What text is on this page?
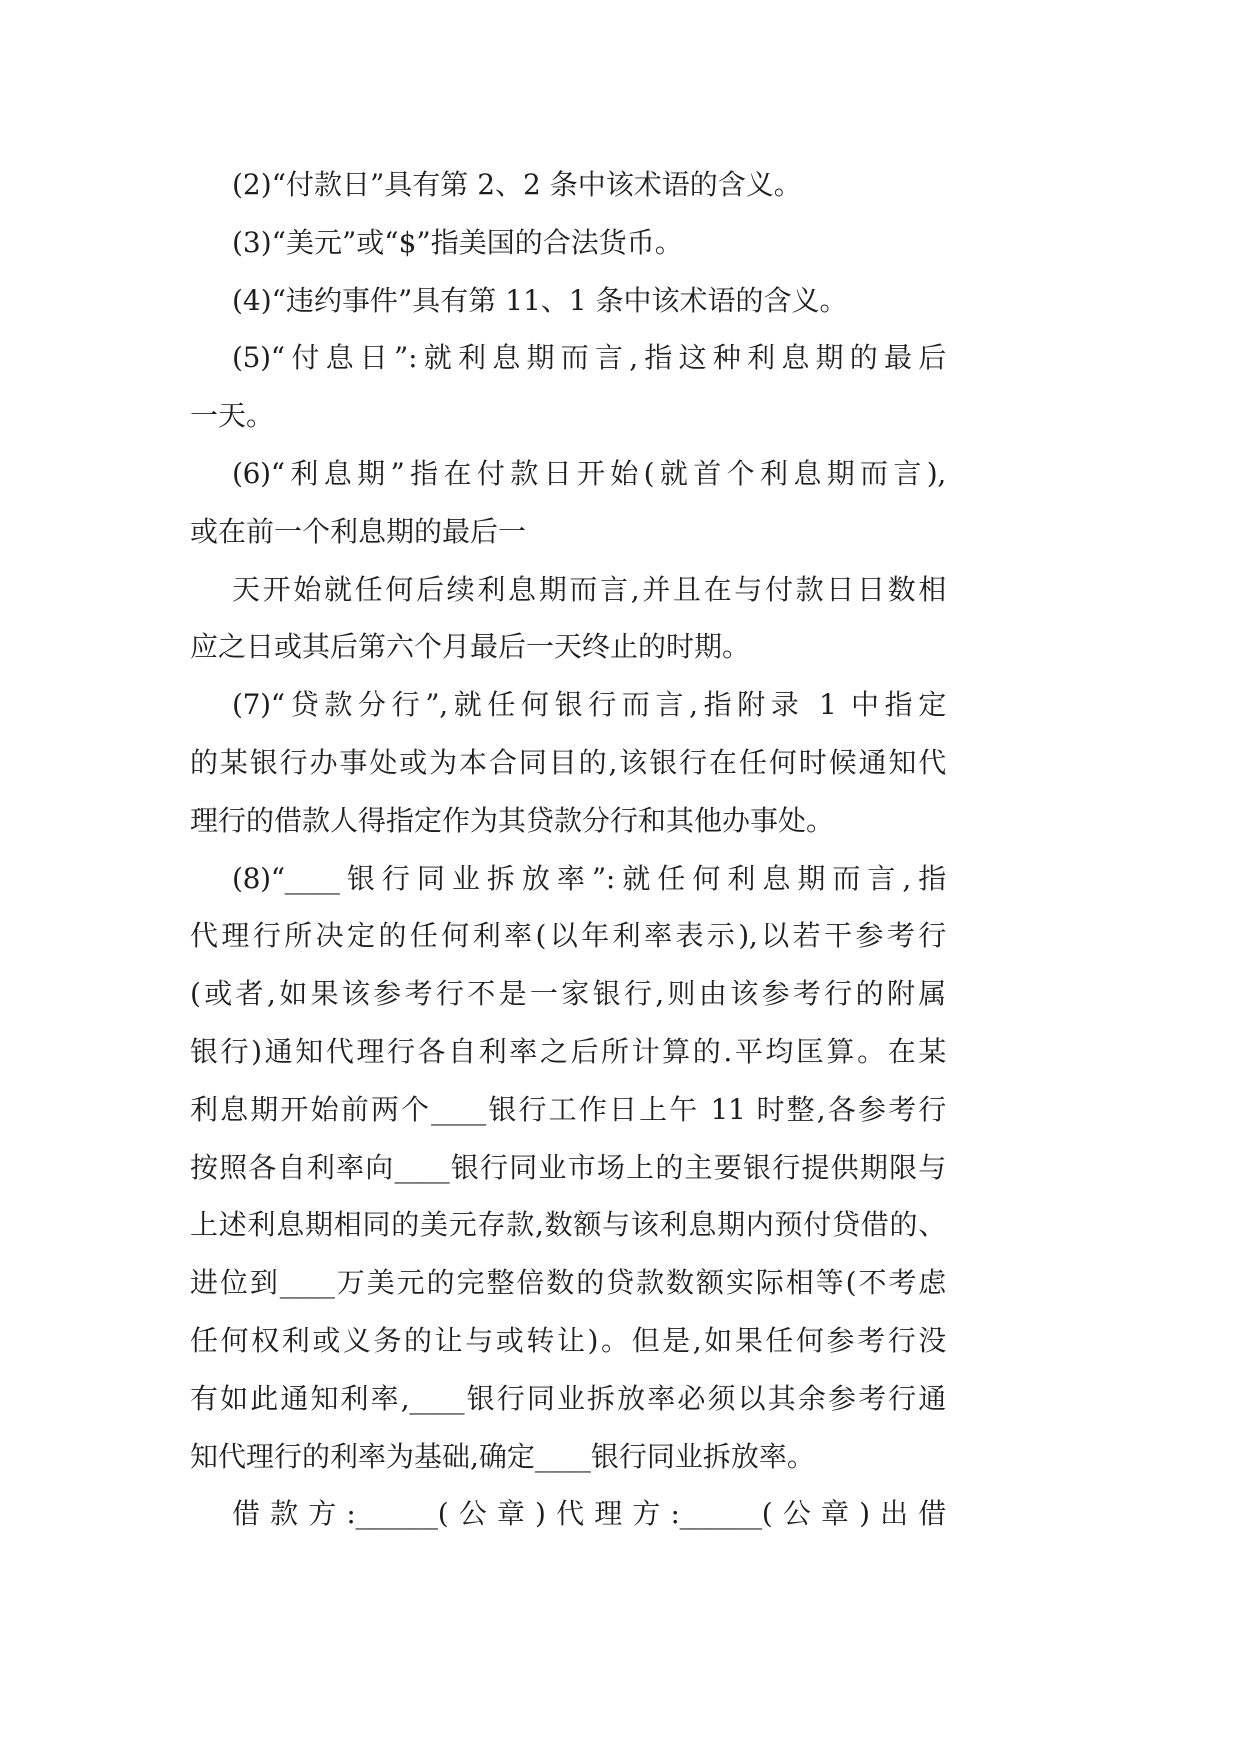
(2)“付款日”具有第 2、2 条中该术语的含义。
(3)“美元”或“$”指美国的合法货币。
(4)“违约事件”具有第 11、1 条中该术语的含义。
(5)“付息日”:就利息期而言,指这种利息期的最后
一天。
(6)“利息期”指在付款日开始(就首个利息期而言),
或在前一个利息期的最后一
天开始就任何后续利息期而言,并且在与付款日日数相
应之日或其后第六个月最后一天终止的时期。
(7)“贷款分行”,就任何银行而言,指附录 1 中指定
的某银行办事处或为本合同目的,该银行在任何时候通知代
理行的借款人得指定作为其贷款分行和其他办事处。
(8)“____银行同业拆放率”:就任何利息期而言,指
代理行所决定的任何利率(以年利率表示),以若干参考行
(或者,如果该参考行不是一家银行,则由该参考行的附属
银行)通知代理行各自利率之后所计算的.平均匡算。在某
利息期开始前两个____银行工作日上午 11 时整,各参考行
按照各自利率向____银行同业市场上的主要银行提供期限与
上述利息期相同的美元存款,数额与该利息期内预付贷借的、
进位到____万美元的完整倍数的贷款数额实际相等(不考虑
任何权利或义务的让与或转让)。但是,如果任何参考行没
有如此通知利率,____银行同业拆放率必须以其余参考行通
知代理行的利率为基础,确定____银行同业拆放率。
借款方:______(公章)代理方:______(公章)出借
